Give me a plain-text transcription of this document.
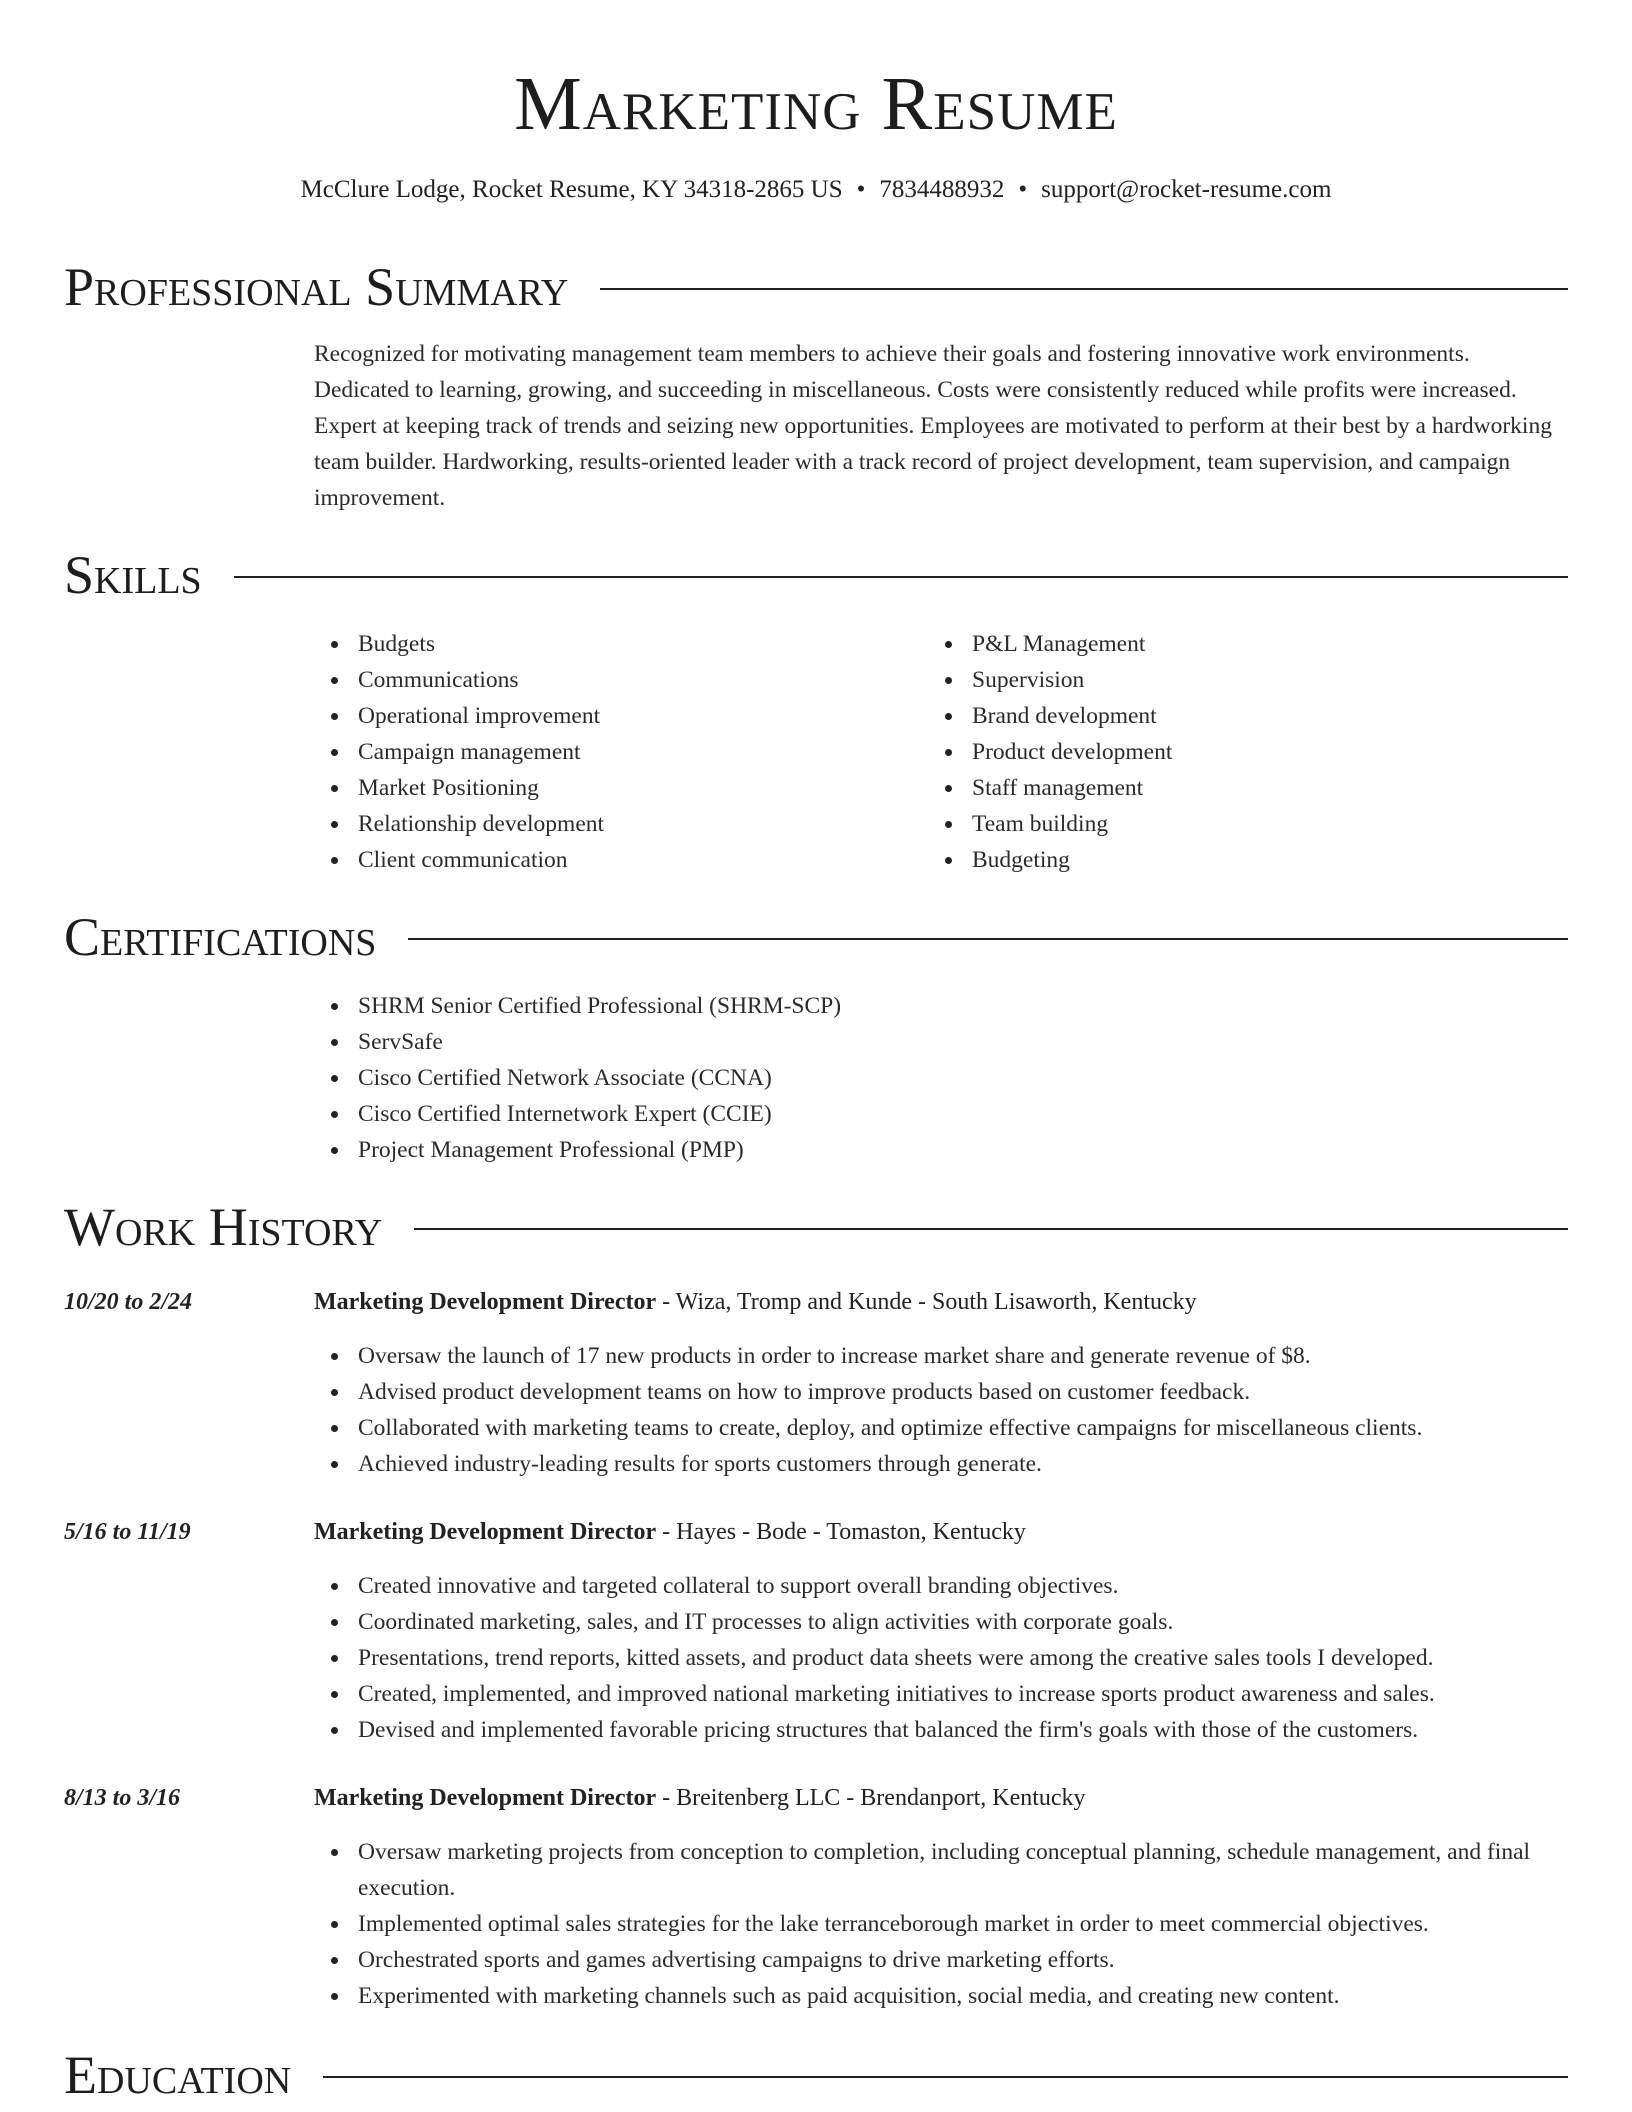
Marketing Resume
McClure Lodge, Rocket Resume, KY 34318-2865 US • 7834488932 • support@rocket-resume.com
Professional Summary
Recognized for motivating management team members to achieve their goals and fostering innovative work environments. Dedicated to learning, growing, and succeeding in miscellaneous. Costs were consistently reduced while profits were increased. Expert at keeping track of trends and seizing new opportunities. Employees are motivated to perform at their best by a hardworking team builder. Hardworking, results-oriented leader with a track record of project development, team supervision, and campaign improvement.
Skills
Budgets
Communications
Operational improvement
Campaign management
Market Positioning
Relationship development
Client communication
P&L Management
Supervision
Brand development
Product development
Staff management
Team building
Budgeting
Certifications
SHRM Senior Certified Professional (SHRM-SCP)
ServSafe
Cisco Certified Network Associate (CCNA)
Cisco Certified Internetwork Expert (CCIE)
Project Management Professional (PMP)
Work History
10/20 to 2/24	Marketing Development Director - Wiza, Tromp and Kunde - South Lisaworth, Kentucky
Oversaw the launch of 17 new products in order to increase market share and generate revenue of $8.
Advised product development teams on how to improve products based on customer feedback.
Collaborated with marketing teams to create, deploy, and optimize effective campaigns for miscellaneous clients.
Achieved industry-leading results for sports customers through generate.
5/16 to 11/19	Marketing Development Director - Hayes - Bode - Tomaston, Kentucky
Created innovative and targeted collateral to support overall branding objectives.
Coordinated marketing, sales, and IT processes to align activities with corporate goals.
Presentations, trend reports, kitted assets, and product data sheets were among the creative sales tools I developed.
Created, implemented, and improved national marketing initiatives to increase sports product awareness and sales.
Devised and implemented favorable pricing structures that balanced the firm's goals with those of the customers.
8/13 to 3/16	Marketing Development Director - Breitenberg LLC - Brendanport, Kentucky
Oversaw marketing projects from conception to completion, including conceptual planning, schedule management, and final execution.
Implemented optimal sales strategies for the lake terranceborough market in order to meet commercial objectives.
Orchestrated sports and games advertising campaigns to drive marketing efforts.
Experimented with marketing channels such as paid acquisition, social media, and creating new content.
Education
